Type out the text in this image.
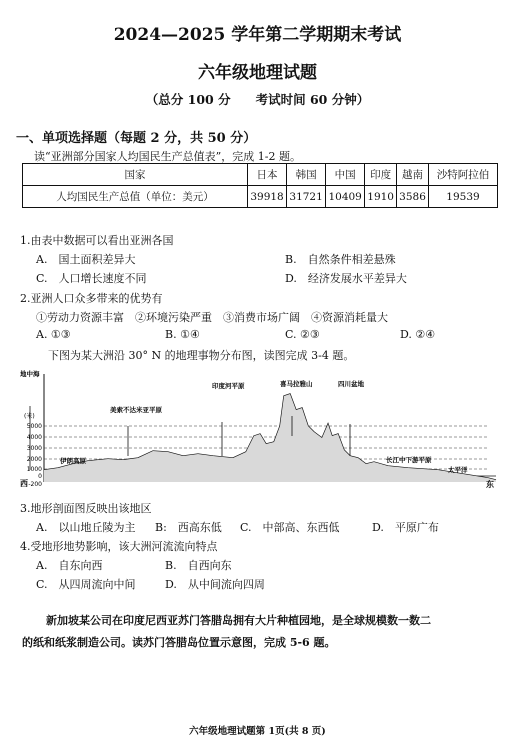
2024—2025 学年第二学期期末考试
六年级地理试题
（总分 100 分　　考试时间 60 分钟）
一、单项选择题（每题 2 分，共 50 分）
读“亚洲部分国家人均国民生产总值表”，完成 1-2 题。
国家	日本	韩国	中国	印度	越南	沙特阿拉伯
人均国民生产总值（单位：美元）	39918	31721	10409	1910	3586	19539
1.由表中数据可以看出亚洲各国
A.　国土面积差异大	B.　自然条件相差悬殊
C.　人口增长速度不同	D.　经济发展水平差异大
2.亚洲人口众多带来的优势有
①劳动力资源丰富　②环境污染严重　③消费市场广阔　④资源消耗量大
A. ①③	B. ①④	C. ②③	D. ②④
下图为某大洲沿 30° N 的地理事物分布图，读图完成 3-4 题。
(米)
5000
4000
3000
2000
1000
0
-200
地中海
美索不达米亚平原
伊朗高原
印度河平原	喜马拉雅山	四川盆地
长江中下游平原
太平洋
西	东
3.地形剖面图反映出该地区
A.　以山地丘陵为主 B:　西高东低 C.　中部高、东西低	D.　平原广布
4.受地形地势影响，该大洲河流流向特点
A.　自东向西	B.　自西向东
C.　从四周流向中间	D.　从中间流向四周
新加坡某公司在印度尼西亚苏门答腊岛拥有大片种植园地，是全球规模数一数二
的纸和纸浆制造公司。读苏门答腊岛位置示意图，完成 5-6 题。
六年级地理试题第 1页(共 8 页)
